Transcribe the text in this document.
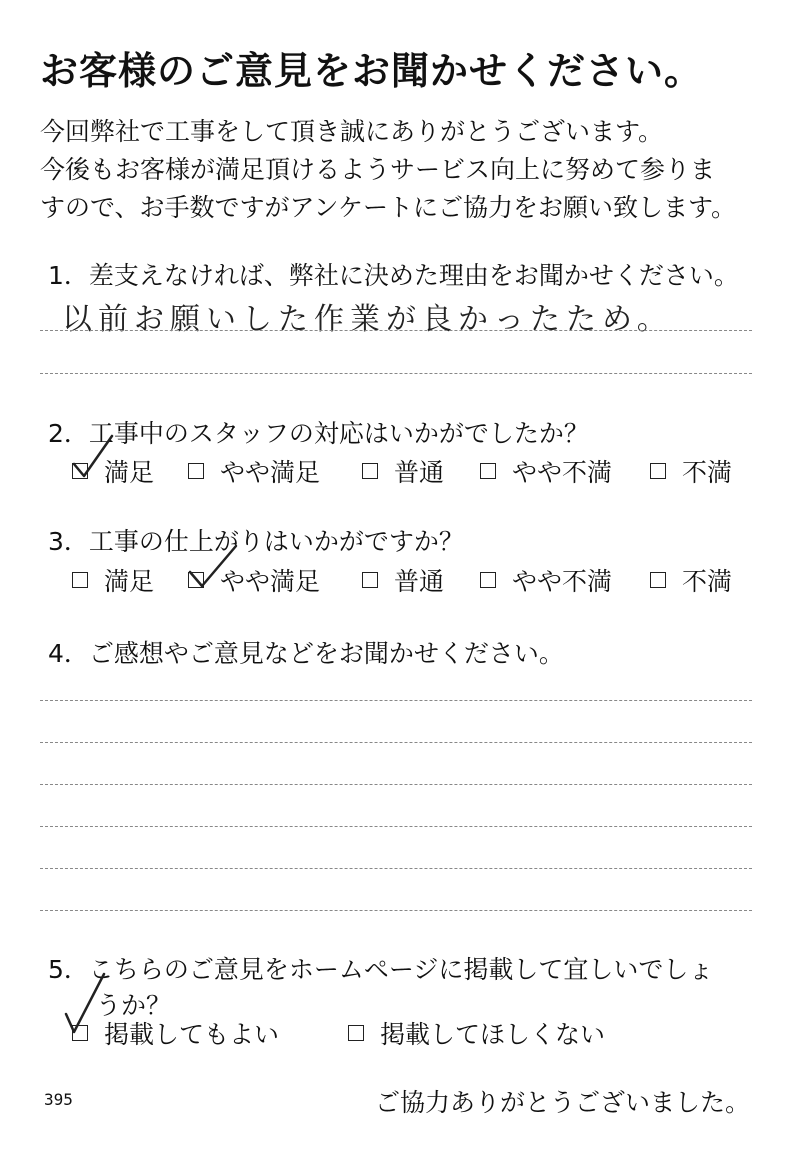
お客様のご意見をお聞かせください。
今回弊社で工事をして頂き誠にありがとうございます。
今後もお客様が満足頂けるようサービス向上に努めて参りま
すので、お手数ですがアンケートにご協力をお願い致します。
1．差支えなければ、弊社に決めた理由をお聞かせください。
以前お願いした作業が良かったため。
2．工事中のスタッフの対応はいかがでしたか？
満足	やや満足	普通	やや不満	不満
3．工事の仕上がりはいかがですか？
満足	やや満足	普通	やや不満	不満
4．ご感想やご意見などをお聞かせください。
5．こちらのご意見をホームページに掲載して宜しいでしょ
うか？
掲載してもよい	掲載してほしくない
395	ご協力ありがとうございました。
